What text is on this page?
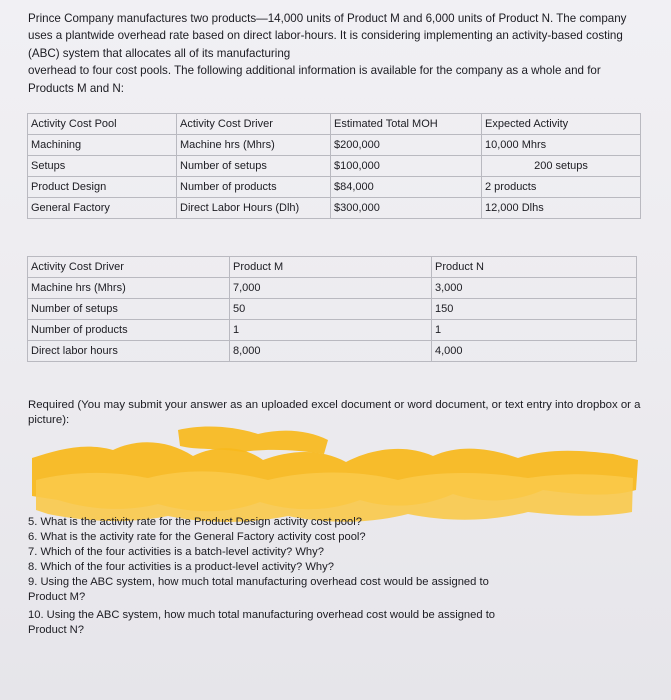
Prince Company manufactures two products—14,000 units of Product M and 6,000 units of Product N. The company
uses a plantwide overhead rate based on direct labor-hours. It is considering implementing an activity-based costing
(ABC) system that allocates all of its manufacturing
overhead to four cost pools. The following additional information is available for the company as a whole and for
Products M and N:

Activity Cost Pool	Activity Cost Driver	Estimated Total MOH	Expected Activity
Machining	Machine hrs (Mhrs)	$200,000	10,000 Mhrs
Setups	Number of setups	$100,000	200 setups
Product Design	Number of products	$84,000	2 products
General Factory	Direct Labor Hours (Dlh)	$300,000	12,000 Dlhs
Activity Cost Driver	Product M	Product N
Machine hrs (Mhrs)	7,000	3,000
Number of setups	50	150
Number of products	1	1
Direct labor hours	8,000	4,000

Required (You may submit your answer as an uploaded excel document or word document, or text entry into dropbox or a picture):

5. What is the activity rate for the Product Design activity cost pool?
6. What is the activity rate for the General Factory activity cost pool?
7. Which of the four activities is a batch-level activity? Why?
8. Which of the four activities is a product-level activity? Why?
9. Using the ABC system, how much total manufacturing overhead cost would be assigned to Product M?
10. Using the ABC system, how much total manufacturing overhead cost would be assigned to Product N?
